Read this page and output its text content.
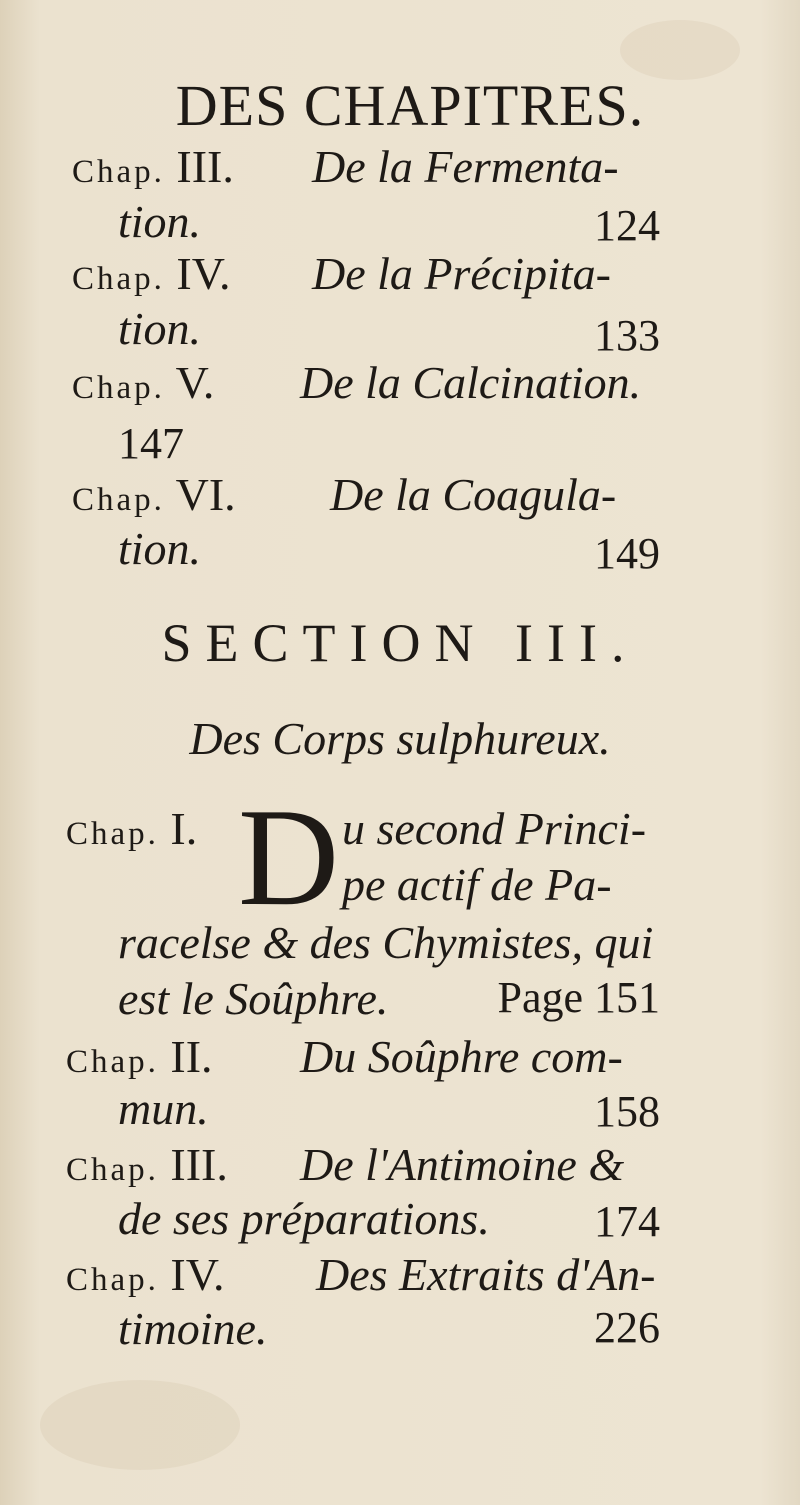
DES CHAPITRES.
Chap. III. De la Fermenta-
tion.	124
Chap. IV. De la Précipita-
tion.	133
Chap. V. De la Calcination.
147
Chap. VI. De la Coagula-
tion.	149
SECTION III.
Des Corps sulphureux.
Chap. I. D u second Princi-
pe actif de Pa-
racelse & des Chymistes, qui
est le Soûphre. Page 151
Chap. II. Du Soûphre com-
mun.	158
Chap. III. De l'Antimoine &
de ses préparations. 174
Chap. IV. Des Extraits d'An-
timoine.	226
